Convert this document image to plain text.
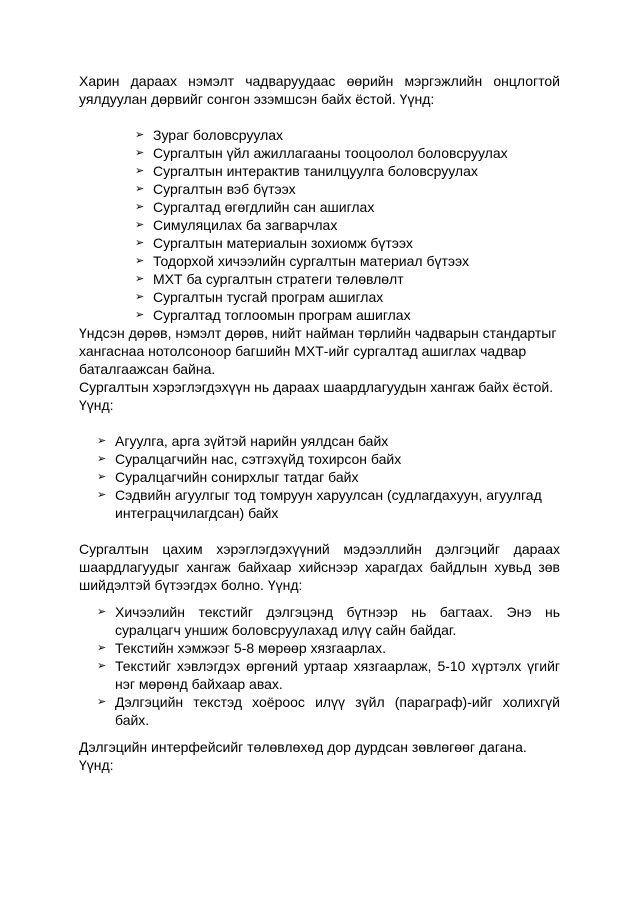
Харин дараах нэмэлт чадваруудаас өөрийн мэргэжлийн онцлогтой уялдуулан дөрвийг сонгон эзэмшсэн байх ёстой. Үүнд:

➢ Зураг боловсруулах
➢ Сургалтын үйл ажиллагааны тооцоолол боловсруулах
➢ Сургалтын интерактив танилцуулга боловсруулах
➢ Сургалтын вэб бүтээх
➢ Сургалтад өгөгдлийн сан ашиглах
➢ Симуляцилах ба загварчлах
➢ Сургалтын материалын зохиомж бүтээх
➢ Тодорхой хичээлийн сургалтын материал бүтээх
➢ МХТ ба сургалтын стратеги төлөвлөлт
➢ Сургалтын тусгай програм ашиглах
➢ Сургалтад тоглоомын програм ашиглах

Үндсэн дөрөв, нэмэлт дөрөв, нийт найман төрлийн чадварын стандартыг хангаснаа нотолсоноор багшийн МХТ-ийг сургалтад ашиглах чадвар баталгаажсан байна.

Сургалтын хэрэглэгдэхүүн нь дараах шаардлагуудын хангаж байх ёстой. Үүнд:

➢ Агуулга, арга зүйтэй нарийн уялдсан байх
➢ Суралцагчийн нас, сэтгэхүйд тохирсон байх
➢ Суралцагчийн сонирхлыг татдаг байх
➢ Сэдвийн агуулгыг тод томруун харуулсан (судлагдахуун, агуулгад интеграцчилагдсан) байх

Сургалтын цахим хэрэглэгдэхүүний мэдээллийн дэлгэцийг дараах шаардлагуудыг хангаж байхаар хийснээр харагдах байдлын хувьд зөв шийдэлтэй бүтээгдэх болно. Үүнд:

➢ Хичээлийн текстийг дэлгэцэнд бүтнээр нь багтаах. Энэ нь суралцагч уншиж боловсруулахад илүү сайн байдаг.
➢ Текстийн хэмжээг 5-8 мөрөөр хязгаарлах.
➢ Текстийг хэвлэгдэх өргөний уртаар хязгаарлаж, 5-10 хүртэлх үгийг нэг мөрөнд байхаар авах.
➢ Дэлгэцийн текстэд хоёроос илүү зүйл (параграф)-ийг холихгүй байх.

Дэлгэцийн интерфейсийг төлөвлөхөд дор дурдсан зөвлөгөөг дагана. Үүнд:
